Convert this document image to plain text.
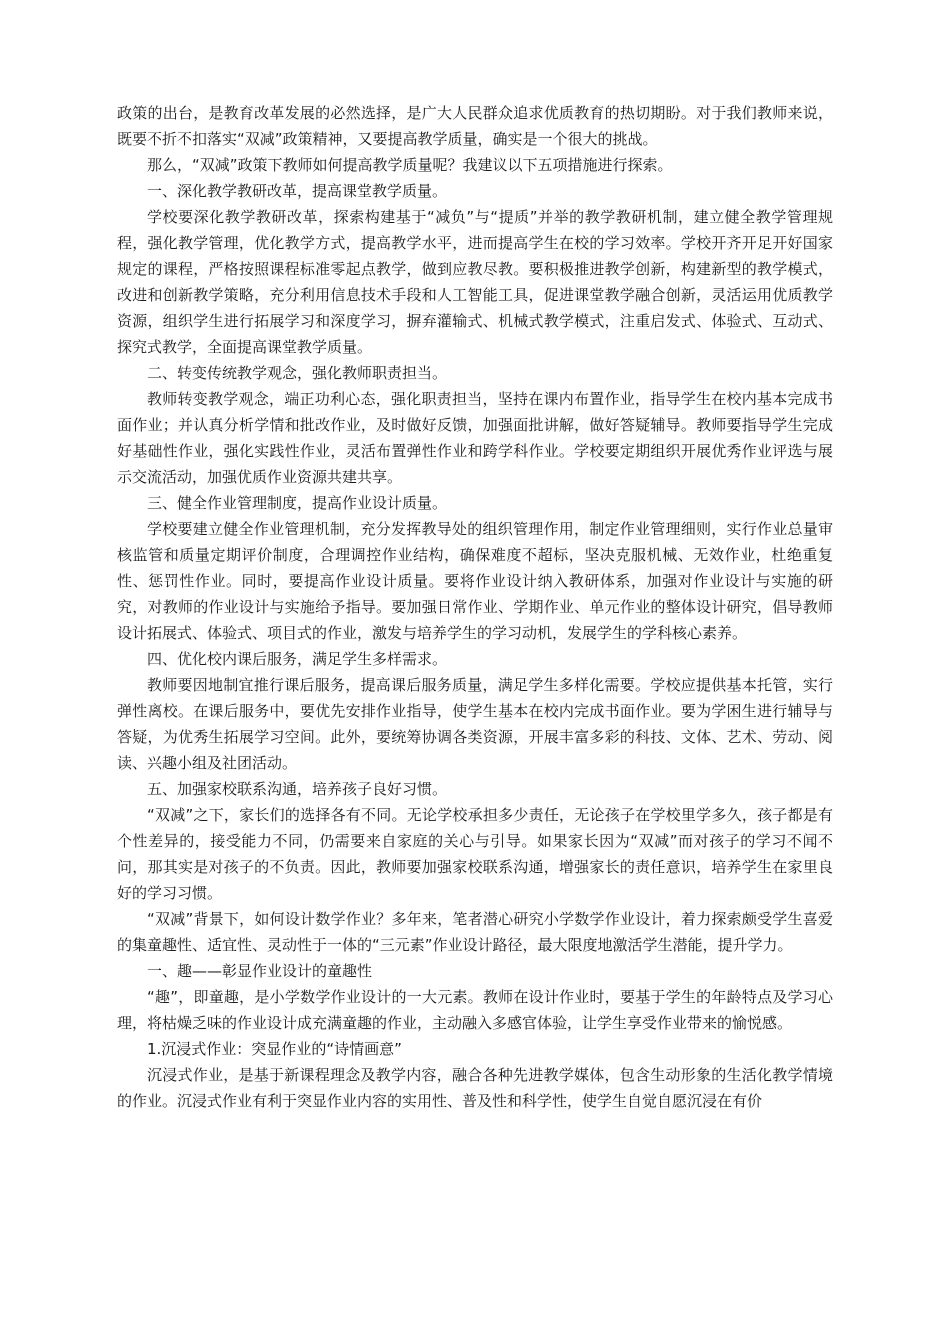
政策的出台，是教育改革发展的必然选择，是广大人民群众追求优质教育的热切期盼。对于我们教师来说，既要不折不扣落实“双减”政策精神，又要提高教学质量，确实是一个很大的挑战。

那么，“双减”政策下教师如何提高教学质量呢？我建议以下五项措施进行探索。

一、深化教学教研改革，提高课堂教学质量。

学校要深化教学教研改革，探索构建基于“减负”与“提质”并举的教学教研机制，建立健全教学管理规程，强化教学管理，优化教学方式，提高教学水平，进而提高学生在校的学习效率。学校开齐开足开好国家规定的课程，严格按照课程标准零起点教学，做到应教尽教。要积极推进教学创新，构建新型的教学模式，改进和创新教学策略，充分利用信息技术手段和人工智能工具，促进课堂教学融合创新，灵活运用优质教学资源，组织学生进行拓展学习和深度学习，摒弃灌输式、机械式教学模式，注重启发式、体验式、互动式、探究式教学，全面提高课堂教学质量。

二、转变传统教学观念，强化教师职责担当。

教师转变教学观念，端正功利心态，强化职责担当，坚持在课内布置作业，指导学生在校内基本完成书面作业；并认真分析学情和批改作业，及时做好反馈，加强面批讲解，做好答疑辅导。教师要指导学生完成好基础性作业，强化实践性作业，灵活布置弹性作业和跨学科作业。学校要定期组织开展优秀作业评选与展示交流活动，加强优质作业资源共建共享。

三、健全作业管理制度，提高作业设计质量。

学校要建立健全作业管理机制，充分发挥教导处的组织管理作用，制定作业管理细则，实行作业总量审核监管和质量定期评价制度，合理调控作业结构，确保难度不超标，坚决克服机械、无效作业，杜绝重复性、惩罚性作业。同时，要提高作业设计质量。要将作业设计纳入教研体系，加强对作业设计与实施的研究，对教师的作业设计与实施给予指导。要加强日常作业、学期作业、单元作业的整体设计研究，倡导教师设计拓展式、体验式、项目式的作业，激发与培养学生的学习动机，发展学生的学科核心素养。

四、优化校内课后服务，满足学生多样需求。

教师要因地制宜推行课后服务，提高课后服务质量，满足学生多样化需要。学校应提供基本托管，实行弹性离校。在课后服务中，要优先安排作业指导，使学生基本在校内完成书面作业。要为学困生进行辅导与答疑，为优秀生拓展学习空间。此外，要统筹协调各类资源，开展丰富多彩的科技、文体、艺术、劳动、阅读、兴趣小组及社团活动。

五、加强家校联系沟通，培养孩子良好习惯。

“双减”之下，家长们的选择各有不同。无论学校承担多少责任，无论孩子在学校里学多久，孩子都是有个性差异的，接受能力不同，仍需要来自家庭的关心与引导。如果家长因为“双减”而对孩子的学习不闻不问，那其实是对孩子的不负责。因此，教师要加强家校联系沟通，增强家长的责任意识，培养学生在家里良好的学习习惯。

“双减”背景下，如何设计数学作业？多年来，笔者潜心研究小学数学作业设计，着力探索颇受学生喜爱的集童趣性、适宜性、灵动性于一体的“三元素”作业设计路径，最大限度地激活学生潜能，提升学力。

一、趣——彰显作业设计的童趣性

“趣”，即童趣，是小学数学作业设计的一大元素。教师在设计作业时，要基于学生的年龄特点及学习心理，将枯燥乏味的作业设计成充满童趣的作业，主动融入多感官体验，让学生享受作业带来的愉悦感。

1.沉浸式作业：突显作业的“诗情画意”

沉浸式作业，是基于新课程理念及教学内容，融合各种先进教学媒体，包含生动形象的生活化教学情境的作业。沉浸式作业有利于突显作业内容的实用性、普及性和科学性，使学生自觉自愿沉浸在有价
